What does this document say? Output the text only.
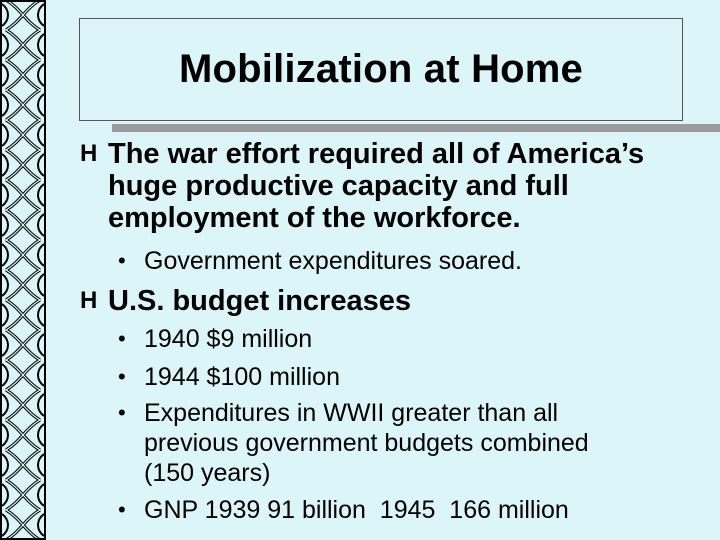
Mobilization at Home
H The war effort required all of America’s huge productive capacity and full employment of the workforce.
• Government expenditures soared.
H U.S. budget increases
• 1940 $9 million
• 1944 $100 million
• Expenditures in WWII greater than all previous government budgets combined (150 years)
• GNP 1939 91 billion  1945  166 million
